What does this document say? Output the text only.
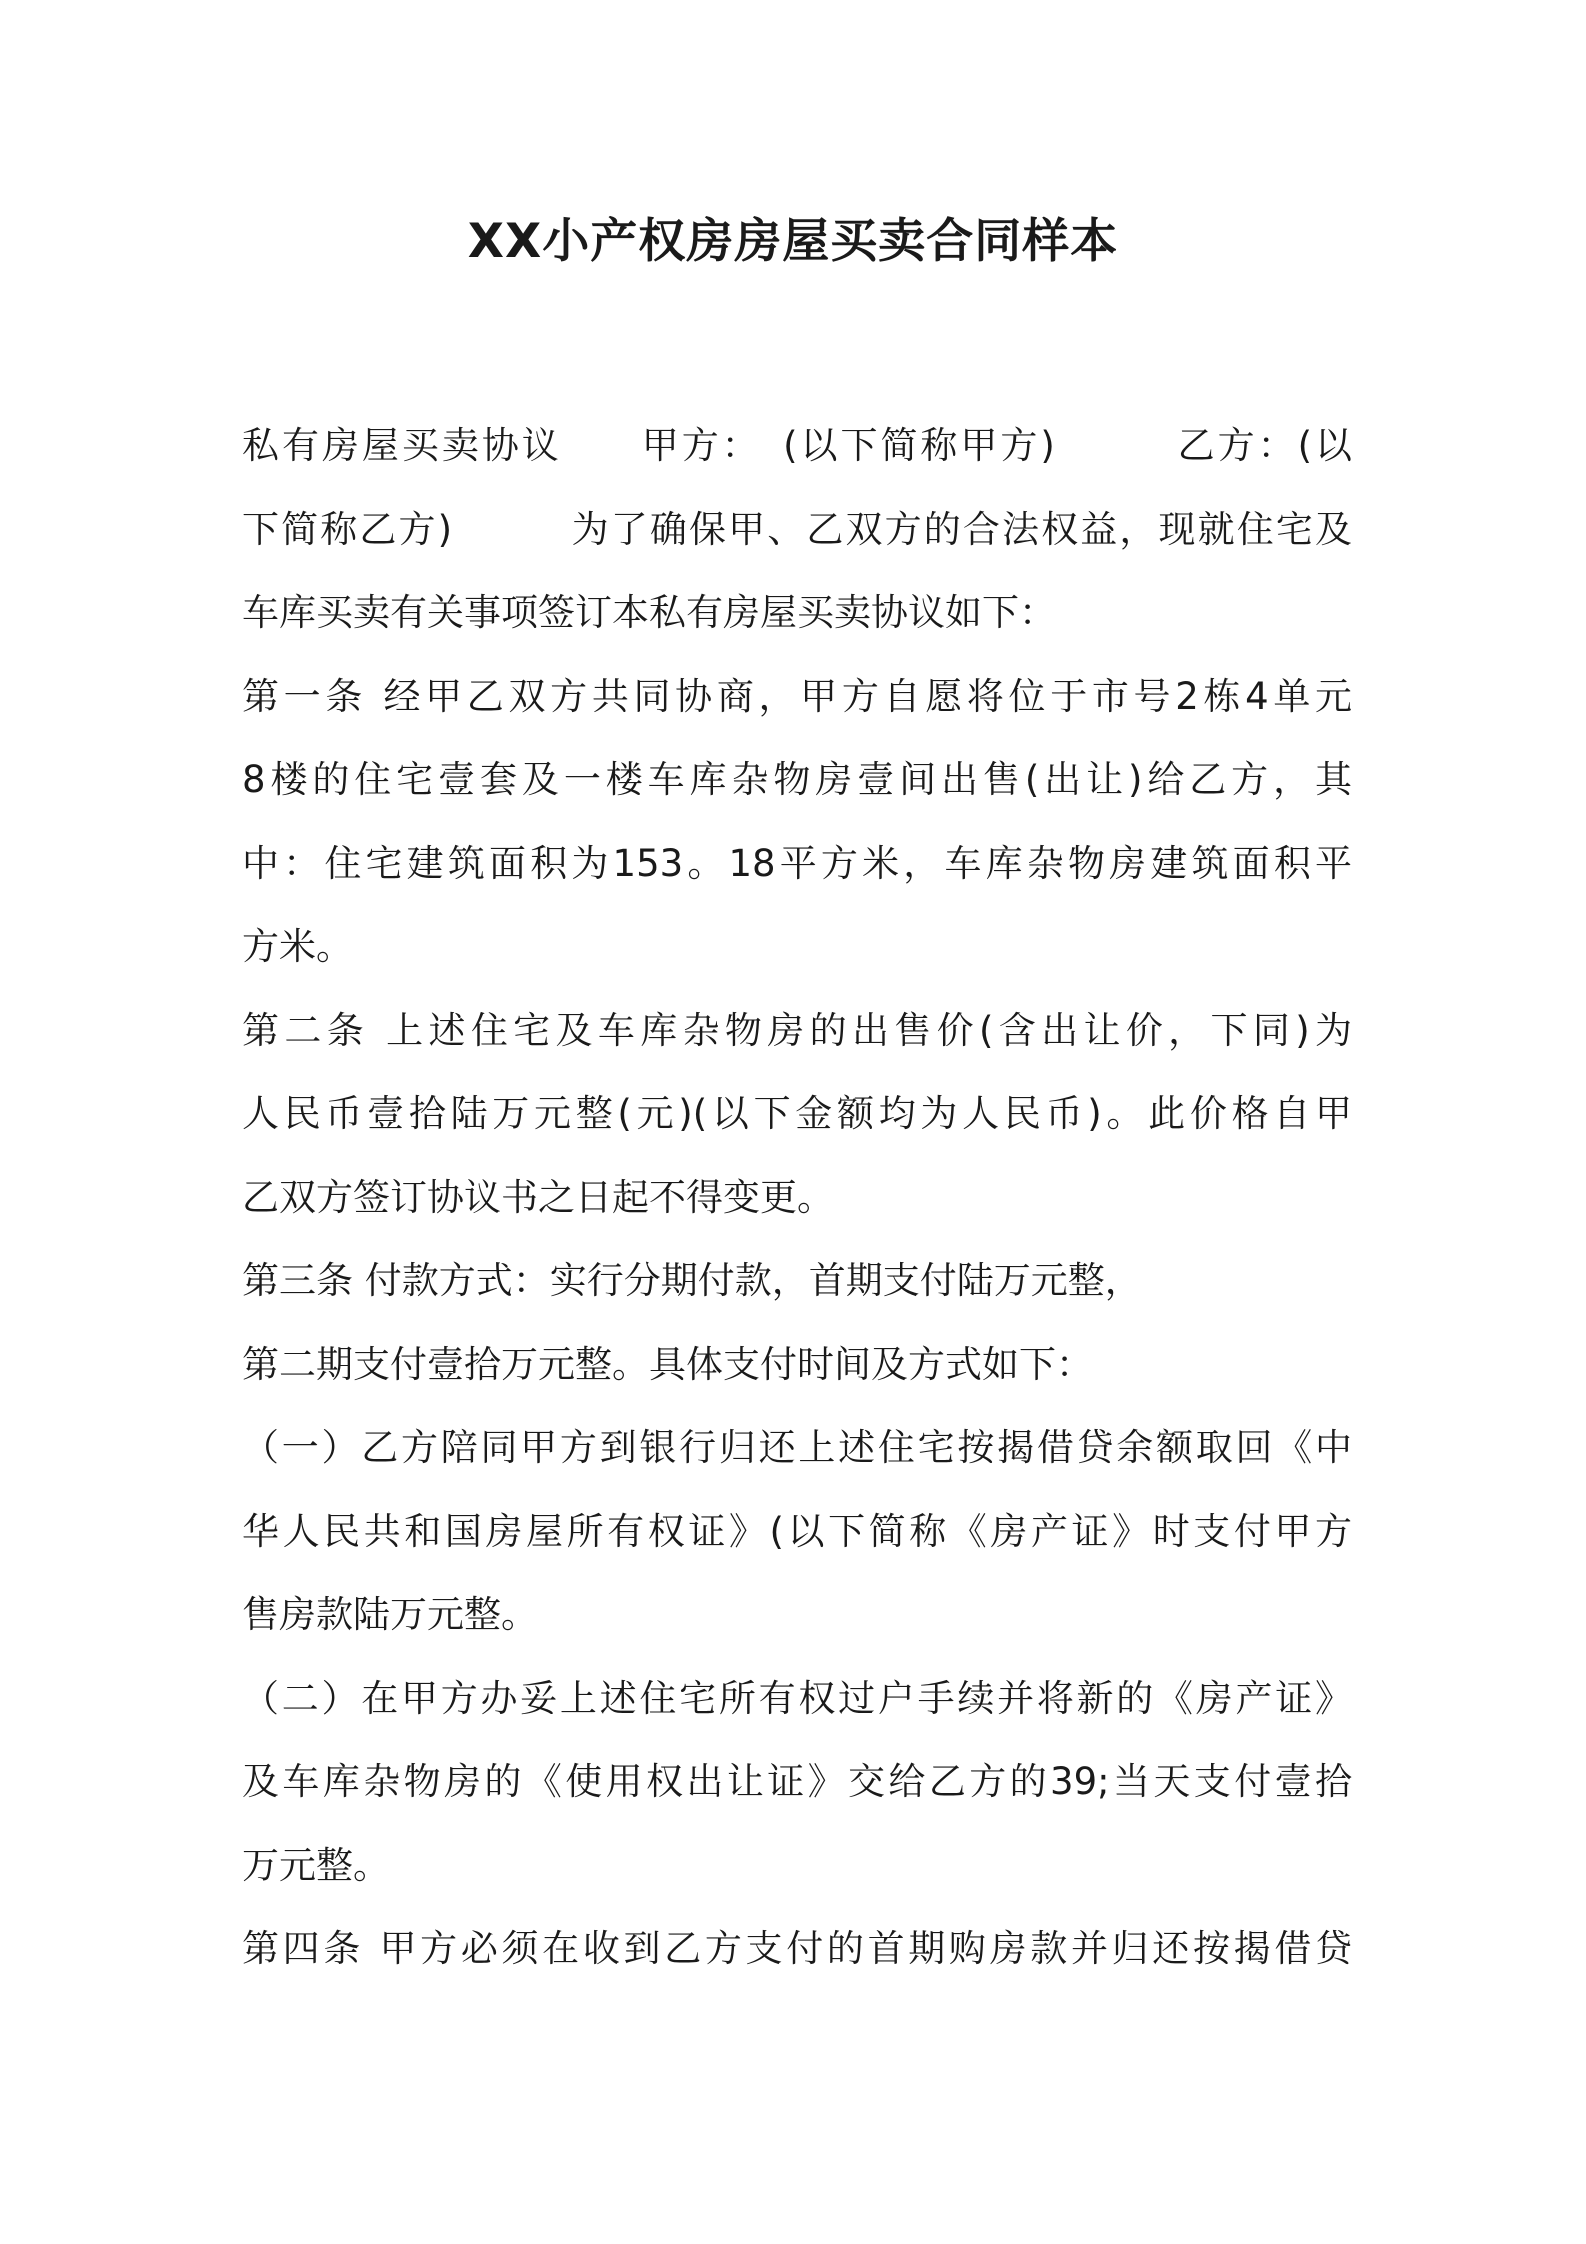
XX小产权房房屋买卖合同样本
私有房屋买卖协议　　甲方：　(以下简称甲方)　　　乙方：(以
下简称乙方)　　　为了确保甲、乙双方的合法权益，现就住宅及
车库买卖有关事项签订本私有房屋买卖协议如下：
第一条 经甲乙双方共同协商，甲方自愿将位于市号2栋4单元
8楼的住宅壹套及一楼车库杂物房壹间出售(出让)给乙方，其
中：住宅建筑面积为153。18平方米，车库杂物房建筑面积平
方米。
第二条 上述住宅及车库杂物房的出售价(含出让价，下同)为
人民币壹拾陆万元整(元)(以下金额均为人民币)。此价格自甲
乙双方签订协议书之日起不得变更。
第三条 付款方式：实行分期付款，首期支付陆万元整，
第二期支付壹拾万元整。具体支付时间及方式如下：
（一）乙方陪同甲方到银行归还上述住宅按揭借贷余额取回《中
华人民共和国房屋所有权证》(以下简称《房产证》时支付甲方
售房款陆万元整。
（二）在甲方办妥上述住宅所有权过户手续并将新的《房产证》
及车库杂物房的《使用权出让证》交给乙方的39;当天支付壹拾
万元整。
第四条 甲方必须在收到乙方支付的首期购房款并归还按揭借贷
